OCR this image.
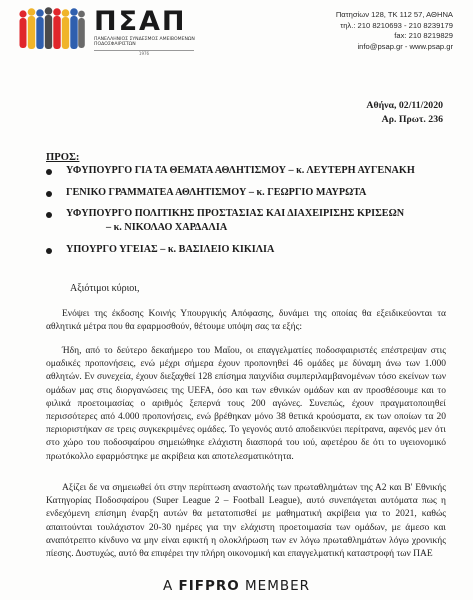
ΠΣΑΠ
ΠΑΝΕΛΛΗΝΙΟΣ ΣΥΝΔΕΣΜΟΣ ΑΜΕΙΒΟΜΕΝΩΝ ΠΟΔΟΣΦΑΙΡΙΣΤΩΝ
1976
Πατησίων 128, ΤΚ 112 57, ΑΘΗΝΑ
τηλ.: 210 8210693 - 210 8239179
fax: 210 8219829
info@psap.gr - www.psap.gr
Αθήνα, 02/11/2020
Αρ. Πρωτ. 236
ΠΡΟΣ:
ΥΦΥΠΟΥΡΓΟ ΓΙΑ ΤΑ ΘΕΜΑΤΑ ΑΘΛΗΤΙΣΜΟΥ – κ. ΛΕΥΤΕΡΗ ΑΥΓΕΝΑΚΗ
ΓΕΝΙΚΟ ΓΡΑΜΜΑΤΕΑ ΑΘΛΗΤΙΣΜΟΥ – κ. ΓΕΩΡΓΙΟ ΜΑΥΡΩΤΑ
ΥΦΥΠΟΥΡΓΟ ΠΟΛΙΤΙΚΗΣ ΠΡΟΣΤΑΣΙΑΣ ΚΑΙ ΔΙΑΧΕΙΡΙΣΗΣ ΚΡΙΣΕΩΝ
– κ. ΝΙΚΟΛΑΟ ΧΑΡΔΑΛΙΑ
ΥΠΟΥΡΓΟ ΥΓΕΙΑΣ – κ. ΒΑΣΙΛΕΙΟ ΚΙΚΙΛΙΑ
Αξιότιμοι κύριοι,
Ενόψει της έκδοσης Κοινής Υπουργικής Απόφασης, δυνάμει της οποίας θα εξειδικεύονται τα αθλητικά μέτρα που θα εφαρμοσθούν, θέτουμε υπόψη σας τα εξής:
Ήδη, από το δεύτερο δεκαήμερο του Μαΐου, οι επαγγελματίες ποδοσφαιριστές επέστρεψαν στις ομαδικές προπονήσεις, ενώ μέχρι σήμερα έχουν προπονηθεί 46 ομάδες με δύναμη άνω των 1.000 αθλητών. Εν συνεχεία, έχουν διεξαχθεί 128 επίσημα παιχνίδια συμπεριλαμβανομένων τόσο εκείνων των ομάδων μας στις διοργανώσεις της UEFA, όσο και των εθνικών ομάδων και αν προσθέσουμε και το φιλικά προετοιμασίας ο αριθμός ξεπερνά τους 200 αγώνες. Συνεπώς, έχουν πραγματοποιηθεί περισσότερες από 4.000 προπονήσεις, ενώ βρέθηκαν μόνο 38 θετικά κρούσματα, εκ των οποίων τα 20 περιοριστήκαν σε τρεις συγκεκριμένες ομάδες. Το γεγονός αυτό αποδεικνύει περίτρανα, αφενός μεν ότι στο χώρο του ποδοσφαίρου σημειώθηκε ελάχιστη διασπορά του ιού, αφετέρου δε ότι το υγειονομικό πρωτόκολλο εφαρμόστηκε με ακρίβεια και αποτελεσματικότητα.
Αξίζει δε να σημειωθεί ότι στην περίπτωση αναστολής των πρωταθλημάτων της Α2 και Β' Εθνικής Κατηγορίας Ποδοσφαίρου (Super League 2 – Football League), αυτό συνεπάγεται αυτόματα πως η ενδεχόμενη επίσημη έναρξη αυτών θα μετατοπισθεί με μαθηματική ακρίβεια για το 2021, καθώς απαιτούνται τουλάχιστον 20-30 ημέρες για την ελάχιστη προετοιμασία των ομάδων, με άμεσο και αναπότρεπτο κίνδυνο να μην είναι εφικτή η ολοκλήρωση των εν λόγω πρωταθλημάτων λόγω χρονικής πίεσης. Δυστυχώς, αυτό θα επιφέρει την πλήρη οικονομική και επαγγελματική καταστροφή των ΠΑΕ
A FIFPRO MEMBER
